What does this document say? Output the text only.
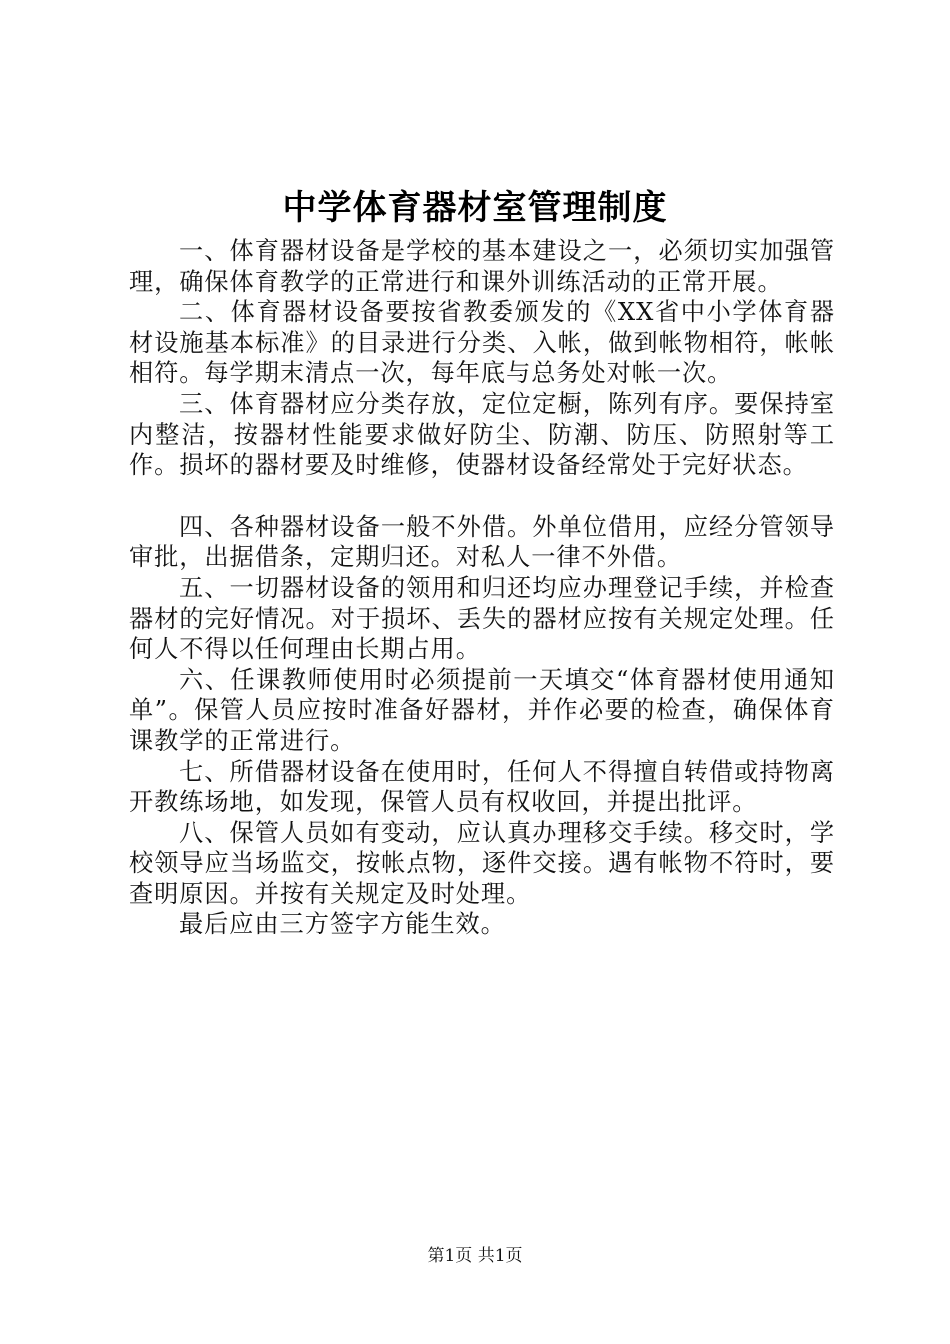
中学体育器材室管理制度

一、体育器材设备是学校的基本建设之一，必须切实加强管理，确保体育教学的正常进行和课外训练活动的正常开展。

二、体育器材设备要按省教委颁发的《XX省中小学体育器材设施基本标准》的目录进行分类、入帐，做到帐物相符，帐帐相符。每学期末清点一次，每年底与总务处对帐一次。

三、体育器材应分类存放，定位定橱，陈列有序。要保持室内整洁，按器材性能要求做好防尘、防潮、防压、防照射等工作。损坏的器材要及时维修，使器材设备经常处于完好状态。

四、各种器材设备一般不外借。外单位借用，应经分管领导审批，出据借条，定期归还。对私人一律不外借。

五、一切器材设备的领用和归还均应办理登记手续，并检查器材的完好情况。对于损坏、丢失的器材应按有关规定处理。任何人不得以任何理由长期占用。

六、任课教师使用时必须提前一天填交“体育器材使用通知单”。保管人员应按时准备好器材，并作必要的检查，确保体育课教学的正常进行。

七、所借器材设备在使用时，任何人不得擅自转借或持物离开教练场地，如发现，保管人员有权收回，并提出批评。

八、保管人员如有变动，应认真办理移交手续。移交时，学校领导应当场监交，按帐点物，逐件交接。遇有帐物不符时，要查明原因。并按有关规定及时处理。

最后应由三方签字方能生效。

第1页 共1页
